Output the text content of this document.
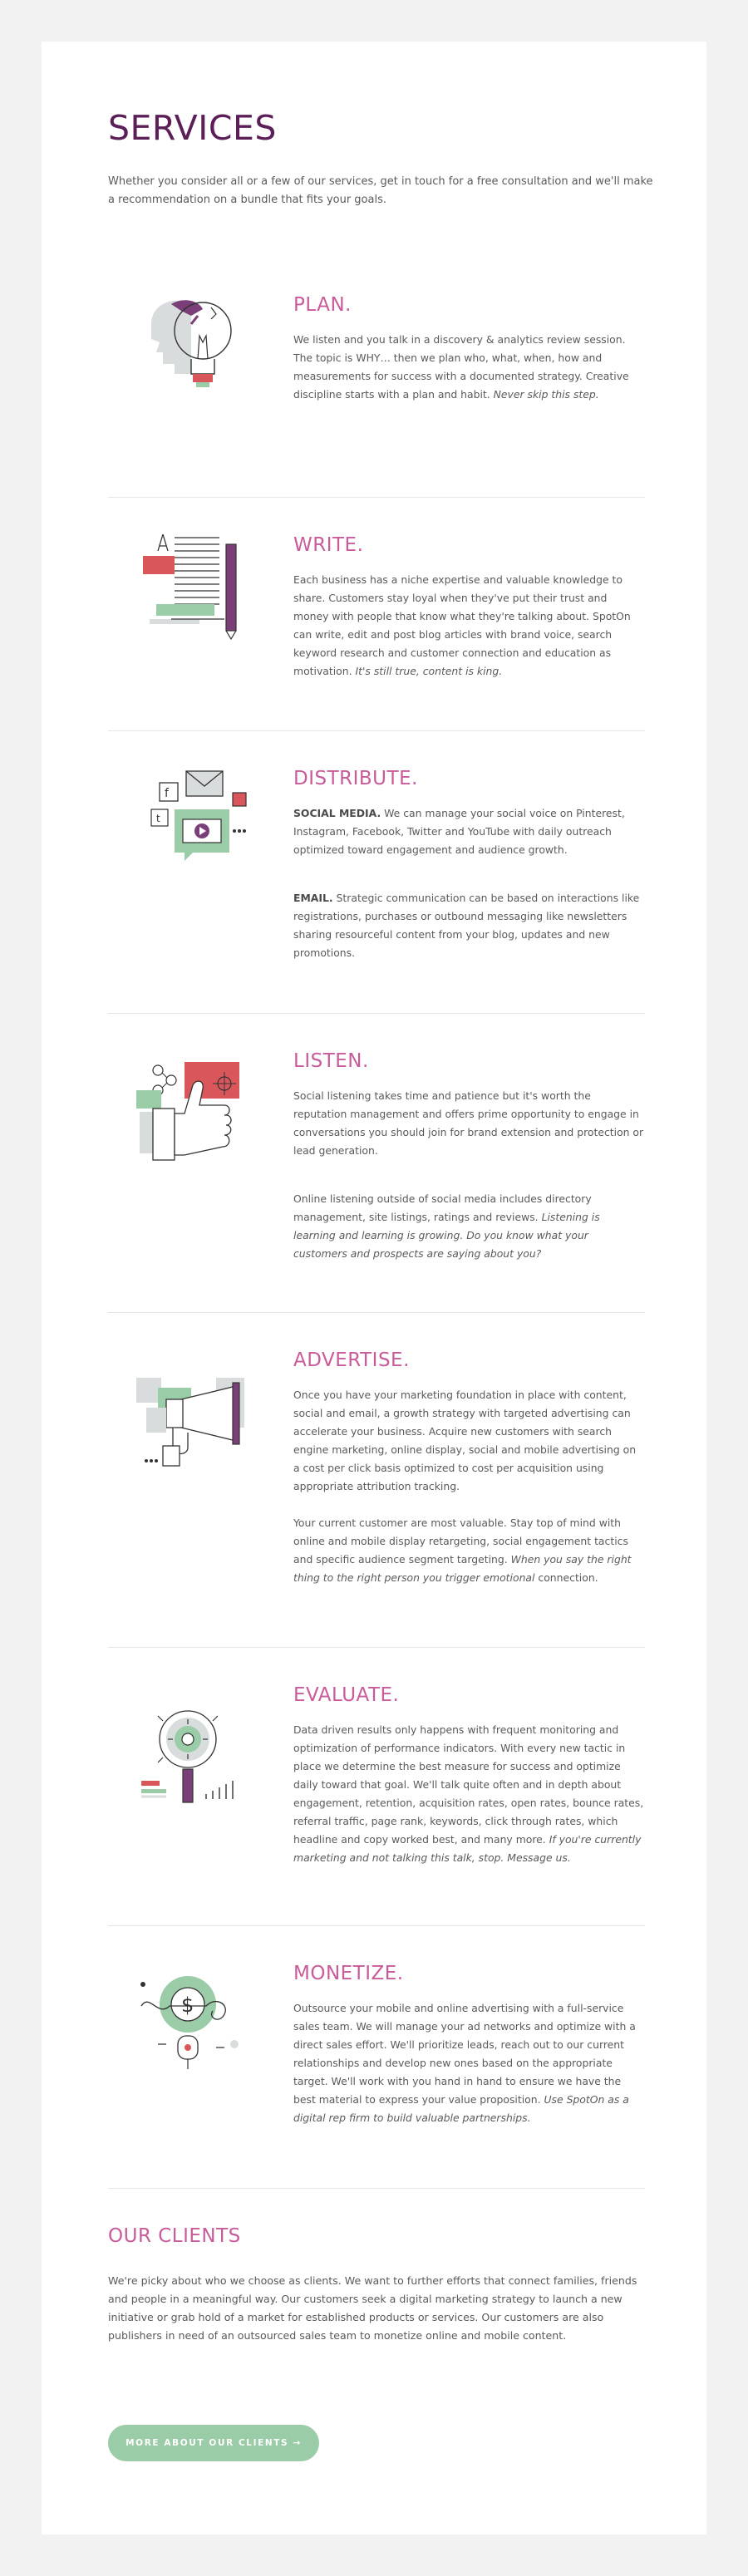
SERVICES

Whether you consider all or a few of our services, get in touch for a free consultation and we'll make a recommendation on a bundle that fits your goals.

PLAN.

We listen and you talk in a discovery & analytics review session. The topic is WHY… then we plan who, what, when, how and measurements for success with a documented strategy. Creative discipline starts with a plan and habit. Never skip this step.

WRITE.

Each business has a niche expertise and valuable knowledge to share. Customers stay loyal when they've put their trust and money with people that know what they're talking about. SpotOn can write, edit and post blog articles with brand voice, search keyword research and customer connection and education as motivation. It's still true, content is king.

f
t
DISTRIBUTE.

SOCIAL MEDIA. We can manage your social voice on Pinterest, Instagram, Facebook, Twitter and YouTube with daily outreach optimized toward engagement and audience growth.

EMAIL. Strategic communication can be based on interactions like registrations, purchases or outbound messaging like newsletters sharing resourceful content from your blog, updates and new promotions.

LISTEN.

Social listening takes time and patience but it's worth the reputation management and offers prime opportunity to engage in conversations you should join for brand extension and protection or lead generation.

Online listening outside of social media includes directory management, site listings, ratings and reviews. Listening is learning and learning is growing. Do you know what your customers and prospects are saying about you?

ADVERTISE.

Once you have your marketing foundation in place with content, social and email, a growth strategy with targeted advertising can accelerate your business. Acquire new customers with search engine marketing, online display, social and mobile advertising on a cost per click basis optimized to cost per acquisition using appropriate attribution tracking.

Your current customer are most valuable. Stay top of mind with online and mobile display retargeting, social engagement tactics and specific audience segment targeting. When you say the right thing to the right person you trigger emotional connection.

EVALUATE.

Data driven results only happens with frequent monitoring and optimization of performance indicators. With every new tactic in place we determine the best measure for success and optimize daily toward that goal. We'll talk quite often and in depth about engagement, retention, acquisition rates, open rates, bounce rates, referral traffic, page rank, keywords, click through rates, which headline and copy worked best, and many more. If you're currently marketing and not talking this talk, stop. Message us.

$
MONETIZE.

Outsource your mobile and online advertising with a full-service sales team. We will manage your ad networks and optimize with a direct sales effort. We'll prioritize leads, reach out to our current relationships and develop new ones based on the appropriate target. We'll work with you hand in hand to ensure we have the best material to express your value proposition. Use SpotOn as a digital rep firm to build valuable partnerships.

OUR CLIENTS

We're picky about who we choose as clients. We want to further efforts that connect families, friends and people in a meaningful way. Our customers seek a digital marketing strategy to launch a new initiative or grab hold of a market for established products or services. Our customers are also publishers in need of an outsourced sales team to monetize online and mobile content.

MORE ABOUT OUR CLIENTS →
